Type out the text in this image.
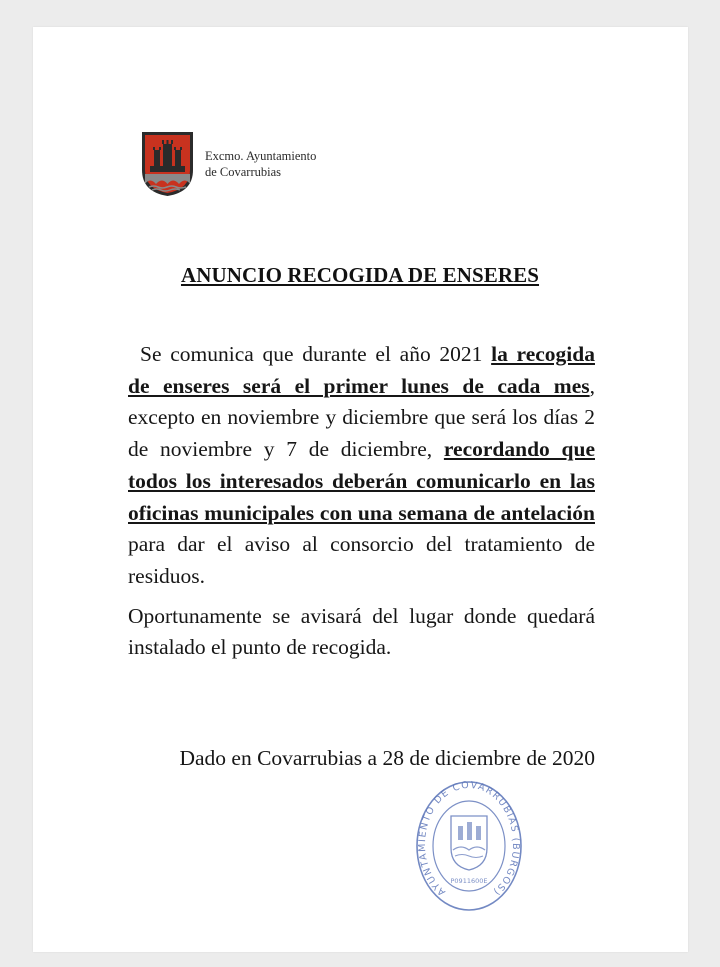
Excmo. Ayuntamiento
de Covarrubias
ANUNCIO RECOGIDA DE ENSERES

Se comunica que durante el año 2021 la recogida de enseres será el primer lunes de cada mes, excepto en noviembre y diciembre que será los días 2 de noviembre y 7 de diciembre, recordando que todos los interesados deberán comunicarlo en las oficinas municipales con una semana de antelación para dar el aviso al consorcio del tratamiento de residuos.

Oportunamente se avisará del lugar donde quedará instalado el punto de recogida.

Dado en Covarrubias a 28 de diciembre de 2020
AYUNTAMIENTO DE COVARRUBIAS (BURGOS)
P0911600E
